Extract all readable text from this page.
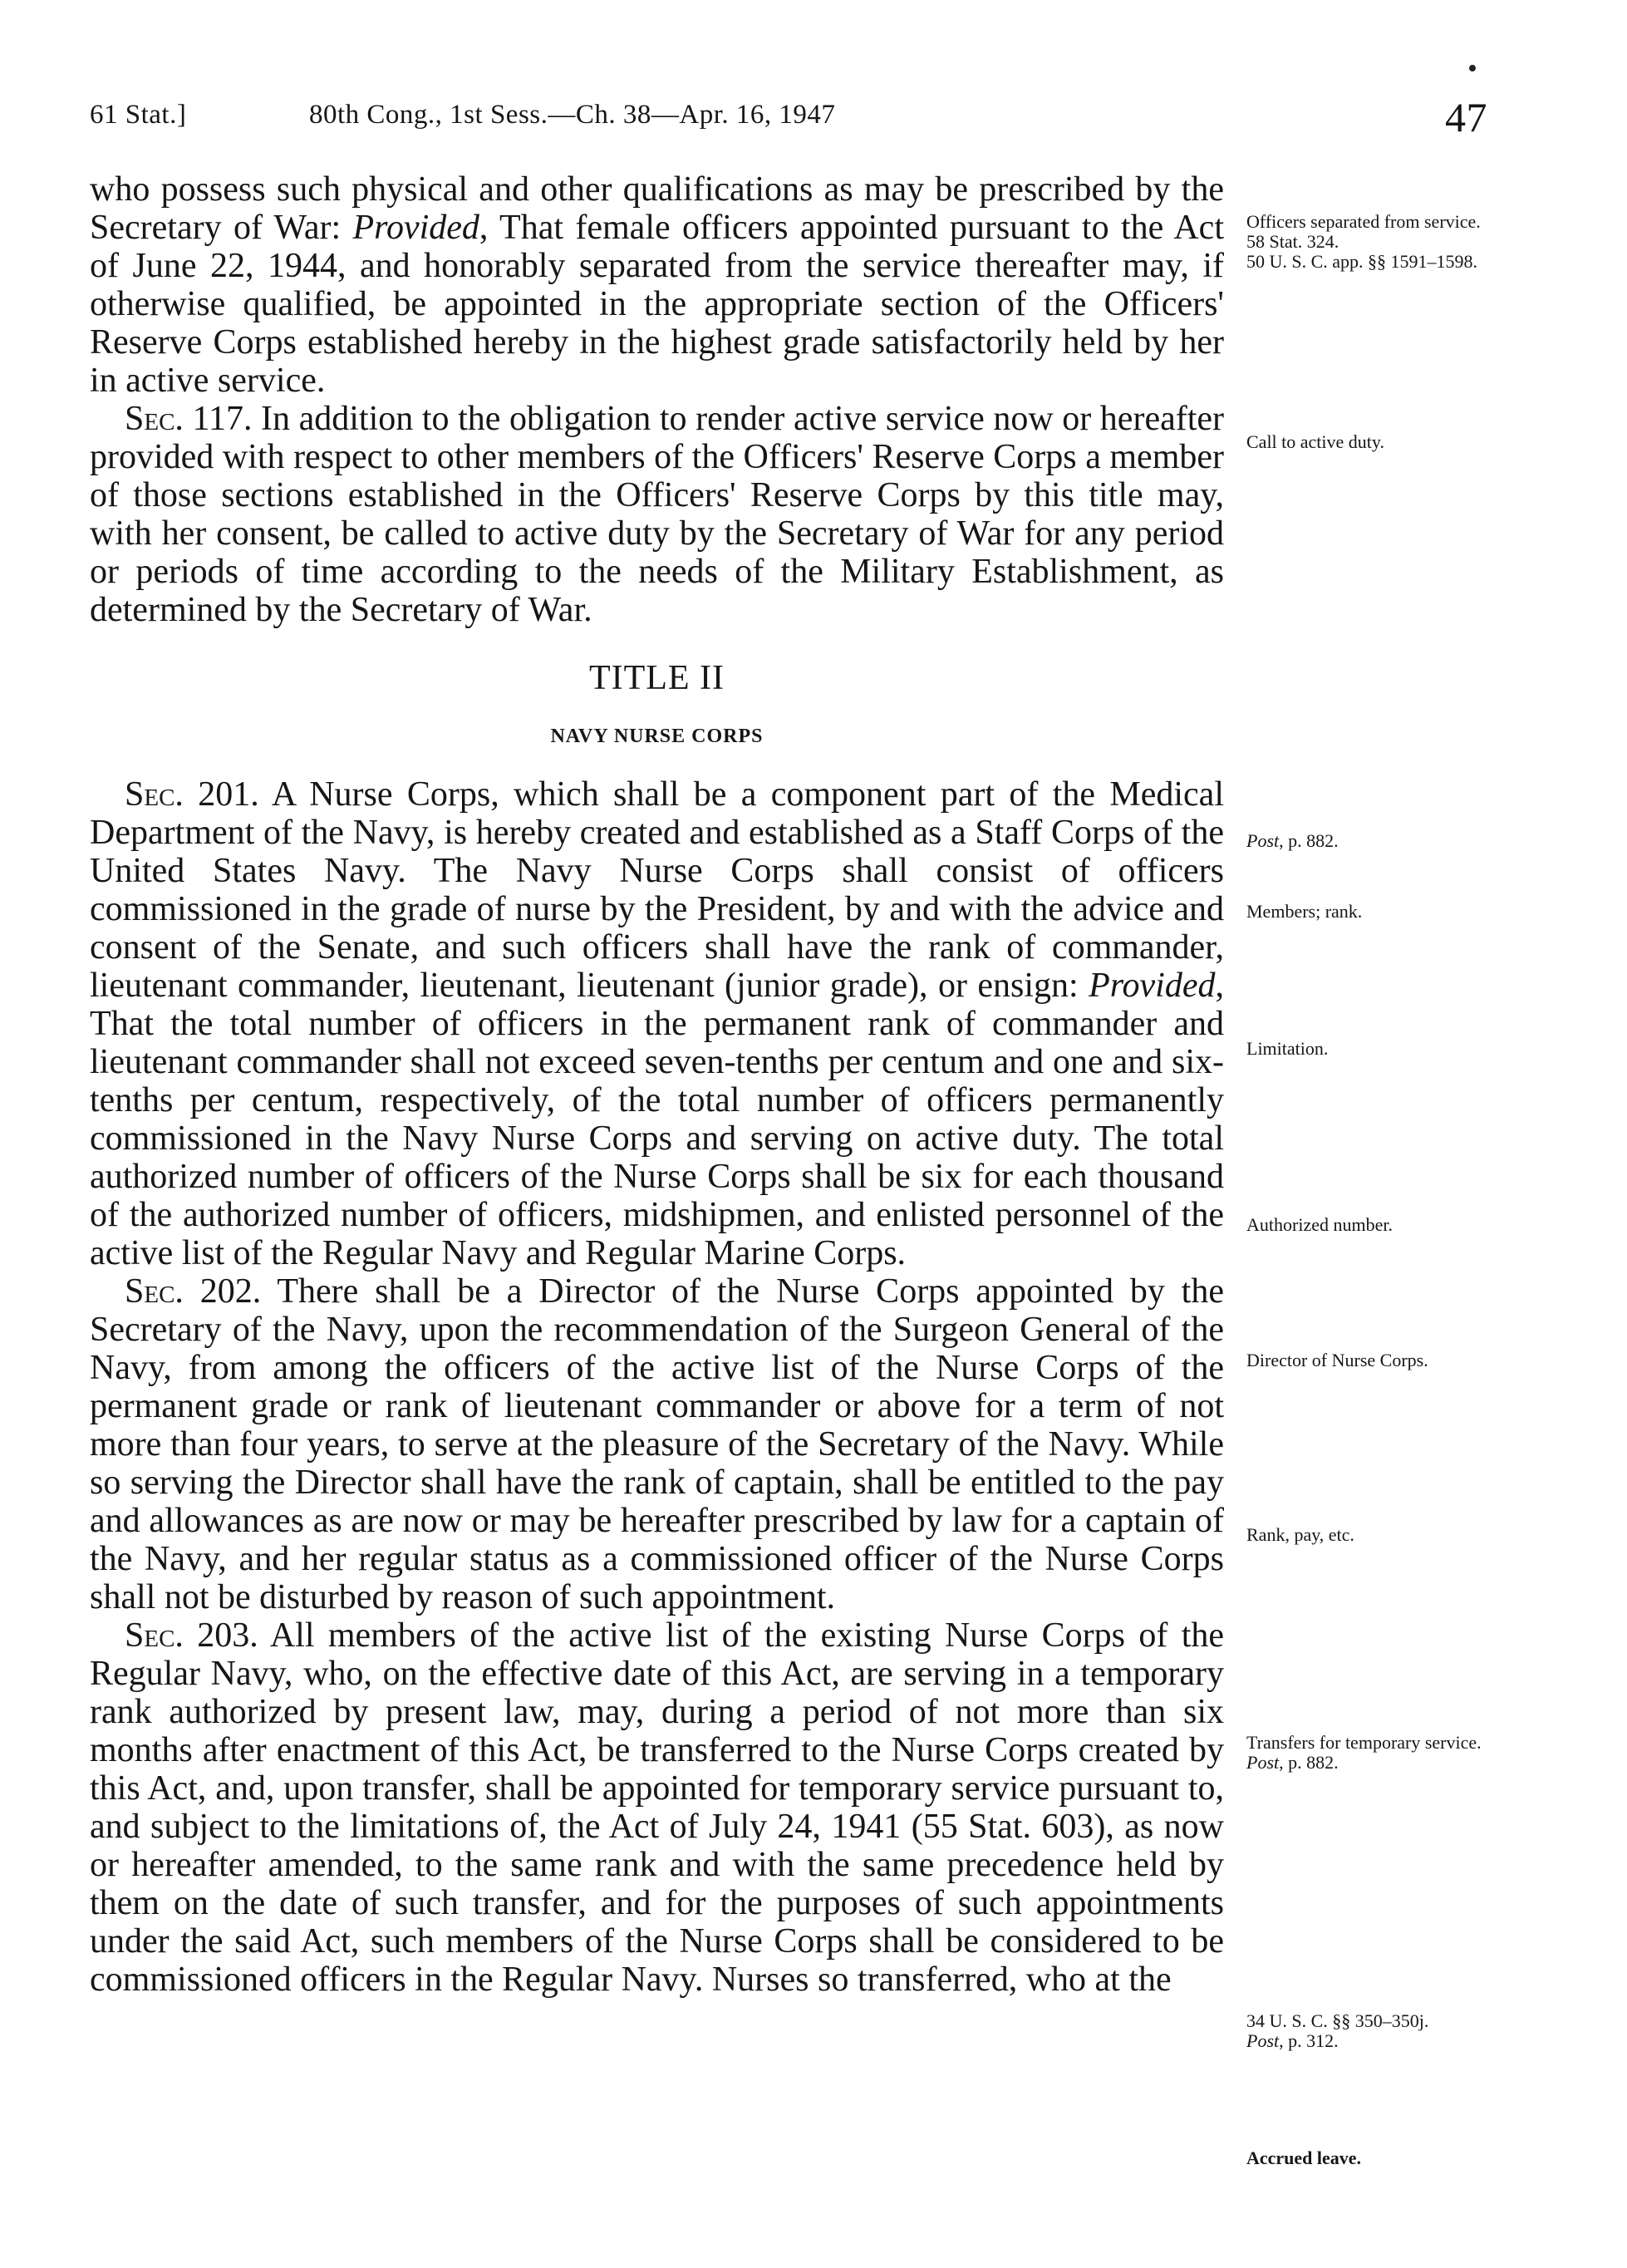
61 Stat.]	80th Cong., 1st Sess.—Ch. 38—Apr. 16, 1947	47

who possess such physical and other qualifications as may be prescribed by the Secretary of War: Provided, That female officers appointed pursuant to the Act of June 22, 1944, and honorably separated from the service thereafter may, if otherwise qualified, be appointed in the appropriate section of the Officers' Reserve Corps established hereby in the highest grade satisfactorily held by her in active service.

Sec. 117. In addition to the obligation to render active service now or hereafter provided with respect to other members of the Officers' Reserve Corps a member of those sections established in the Officers' Reserve Corps by this title may, with her consent, be called to active duty by the Secretary of War for any period or periods of time according to the needs of the Military Establishment, as determined by the Secretary of War.

TITLE II
NAVY NURSE CORPS

Sec. 201. A Nurse Corps, which shall be a component part of the Medical Department of the Navy, is hereby created and established as a Staff Corps of the United States Navy. The Navy Nurse Corps shall consist of officers commissioned in the grade of nurse by the President, by and with the advice and consent of the Senate, and such officers shall have the rank of commander, lieutenant commander, lieutenant, lieutenant (junior grade), or ensign: Provided, That the total number of officers in the permanent rank of commander and lieutenant commander shall not exceed seven-tenths per centum and one and six-tenths per centum, respectively, of the total number of officers permanently commissioned in the Navy Nurse Corps and serving on active duty. The total authorized number of officers of the Nurse Corps shall be six for each thousand of the authorized number of officers, midshipmen, and enlisted personnel of the active list of the Regular Navy and Regular Marine Corps.

Sec. 202. There shall be a Director of the Nurse Corps appointed by the Secretary of the Navy, upon the recommendation of the Surgeon General of the Navy, from among the officers of the active list of the Nurse Corps of the permanent grade or rank of lieutenant commander or above for a term of not more than four years, to serve at the pleasure of the Secretary of the Navy. While so serving the Director shall have the rank of captain, shall be entitled to the pay and allowances as are now or may be hereafter prescribed by law for a captain of the Navy, and her regular status as a commissioned officer of the Nurse Corps shall not be disturbed by reason of such appointment.

Sec. 203. All members of the active list of the existing Nurse Corps of the Regular Navy, who, on the effective date of this Act, are serving in a temporary rank authorized by present law, may, during a period of not more than six months after enactment of this Act, be transferred to the Nurse Corps created by this Act, and, upon transfer, shall be appointed for temporary service pursuant to, and subject to the limitations of, the Act of July 24, 1941 (55 Stat. 603), as now or hereafter amended, to the same rank and with the same precedence held by them on the date of such transfer, and for the purposes of such appointments under the said Act, such members of the Nurse Corps shall be considered to be commissioned officers in the Regular Navy. Nurses so transferred, who at the

Officers separated from service.
58 Stat. 324.
50 U. S. C. app. §§ 1591–1598.
Call to active duty.
Post, p. 882.
Members; rank.
Limitation.
Authorized number.
Director of Nurse Corps.
Rank, pay, etc.
Transfers for temporary service.
Post, p. 882.
34 U. S. C. §§ 350–350j.
Post, p. 312.
Accrued leave.
